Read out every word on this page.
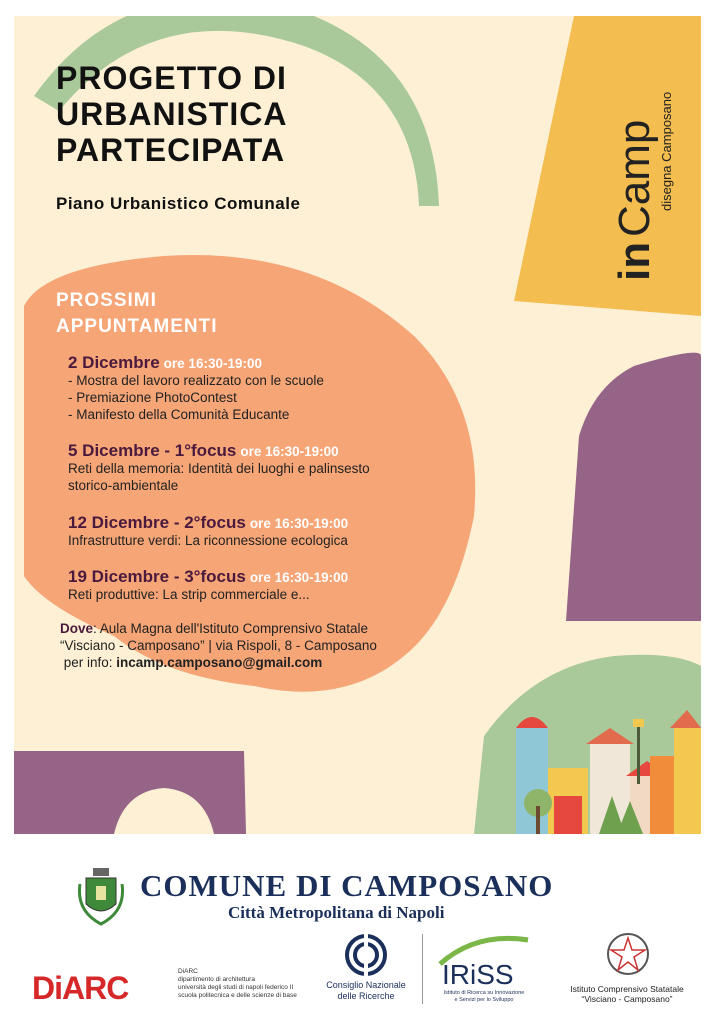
in
Camp disegna Camposano
PROGETTO DI
URBANISTICA
PARTECIPATA
Piano Urbanistico Comunale
PROSSIMI
APPUNTAMENTI
2 Dicembre ore 16:30-19:00
- Mostra del lavoro realizzato con le scuole
- Premiazione PhotoContest
- Manifesto della Comunità Educante
5 Dicembre - 1°focus ore 16:30-19:00
Reti della memoria: Identità dei luoghi e palinsesto
storico-ambientale
12 Dicembre - 2°focus ore 16:30-19:00
Infrastrutture verdi: La riconnessione ecologica
19 Dicembre - 3°focus ore 16:30-19:00
Reti produttive: La strip commerciale e...
Dove: Aula Magna dell'Istituto Comprensivo Statale
“Visciano - Camposano” | via Rispoli, 8 - Camposano
per info: incamp.camposano@gmail.com
COMUNE DI CAMPOSANO
Città Metropolitana di Napoli
DiARC	DiARC
dipartimento di architettura
università degli studi di napoli federico II
scuola politecnica e delle scienze di base
Consiglio Nazionale
delle Ricerche
IRiSS
Istituto di Ricerca su Innovazione
e Servizi per lo Sviluppo
Istituto Comprensivo Statatale
“Visciano - Camposano”
